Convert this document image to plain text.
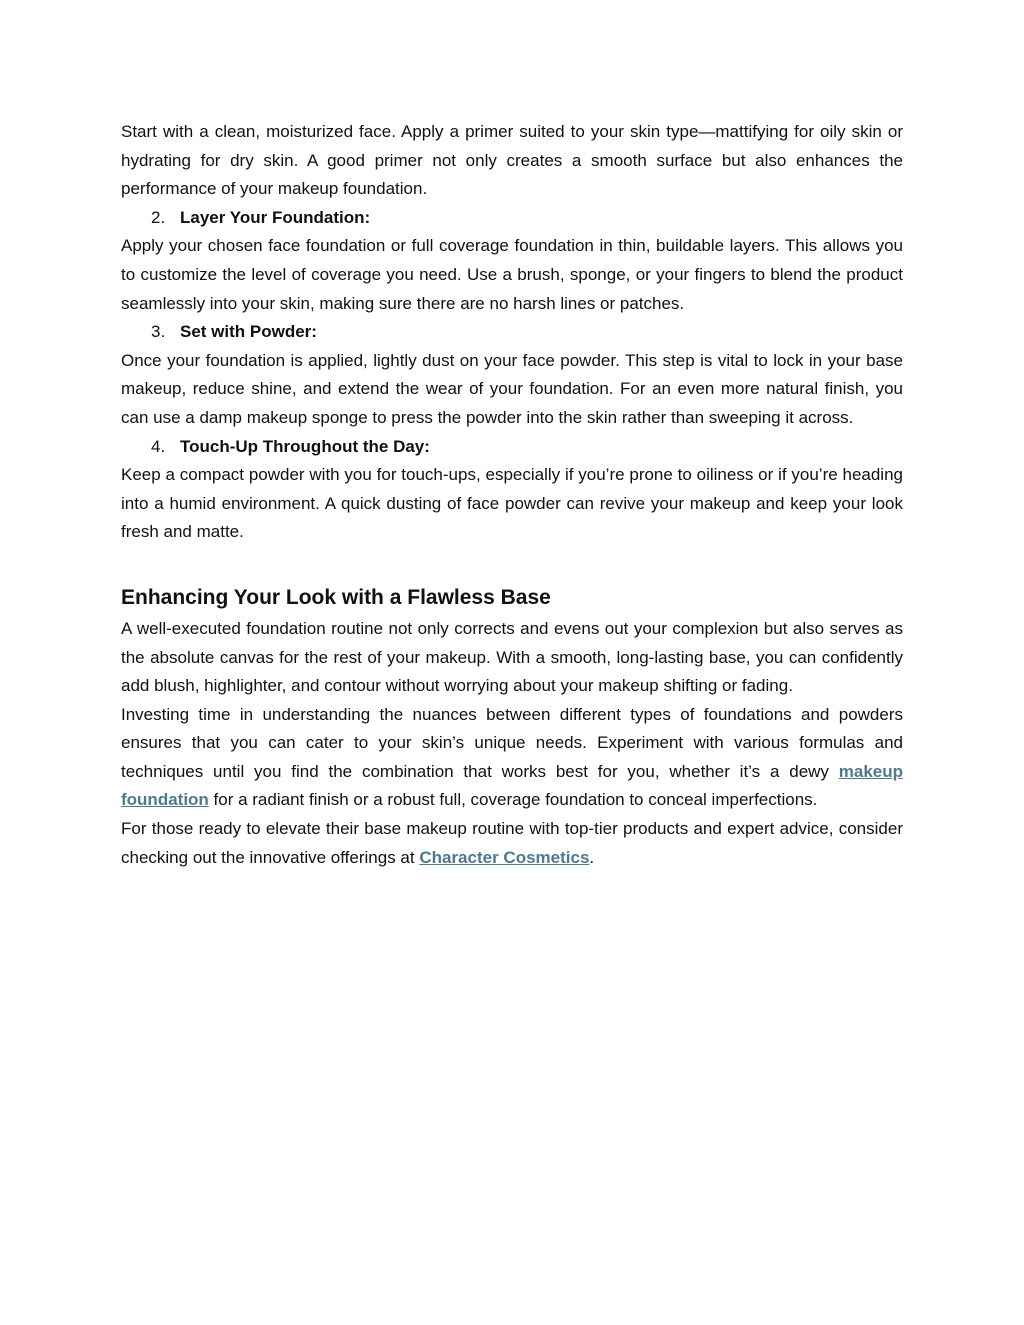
Start with a clean, moisturized face. Apply a primer suited to your skin type—mattifying for oily skin or hydrating for dry skin. A good primer not only creates a smooth surface but also enhances the performance of your makeup foundation.

2. Layer Your Foundation:

Apply your chosen face foundation or full coverage foundation in thin, buildable layers. This allows you to customize the level of coverage you need. Use a brush, sponge, or your fingers to blend the product seamlessly into your skin, making sure there are no harsh lines or patches.

3. Set with Powder:

Once your foundation is applied, lightly dust on your face powder. This step is vital to lock in your base makeup, reduce shine, and extend the wear of your foundation. For an even more natural finish, you can use a damp makeup sponge to press the powder into the skin rather than sweeping it across.

4. Touch-Up Throughout the Day:

Keep a compact powder with you for touch-ups, especially if you’re prone to oiliness or if you’re heading into a humid environment. A quick dusting of face powder can revive your makeup and keep your look fresh and matte.

Enhancing Your Look with a Flawless Base

A well-executed foundation routine not only corrects and evens out your complexion but also serves as the absolute canvas for the rest of your makeup. With a smooth, long-lasting base, you can confidently add blush, highlighter, and contour without worrying about your makeup shifting or fading.

Investing time in understanding the nuances between different types of foundations and powders ensures that you can cater to your skin’s unique needs. Experiment with various formulas and techniques until you find the combination that works best for you, whether it’s a dewy makeup foundation for a radiant finish or a robust full, coverage foundation to conceal imperfections.

For those ready to elevate their base makeup routine with top-tier products and expert advice, consider checking out the innovative offerings at Character Cosmetics.
